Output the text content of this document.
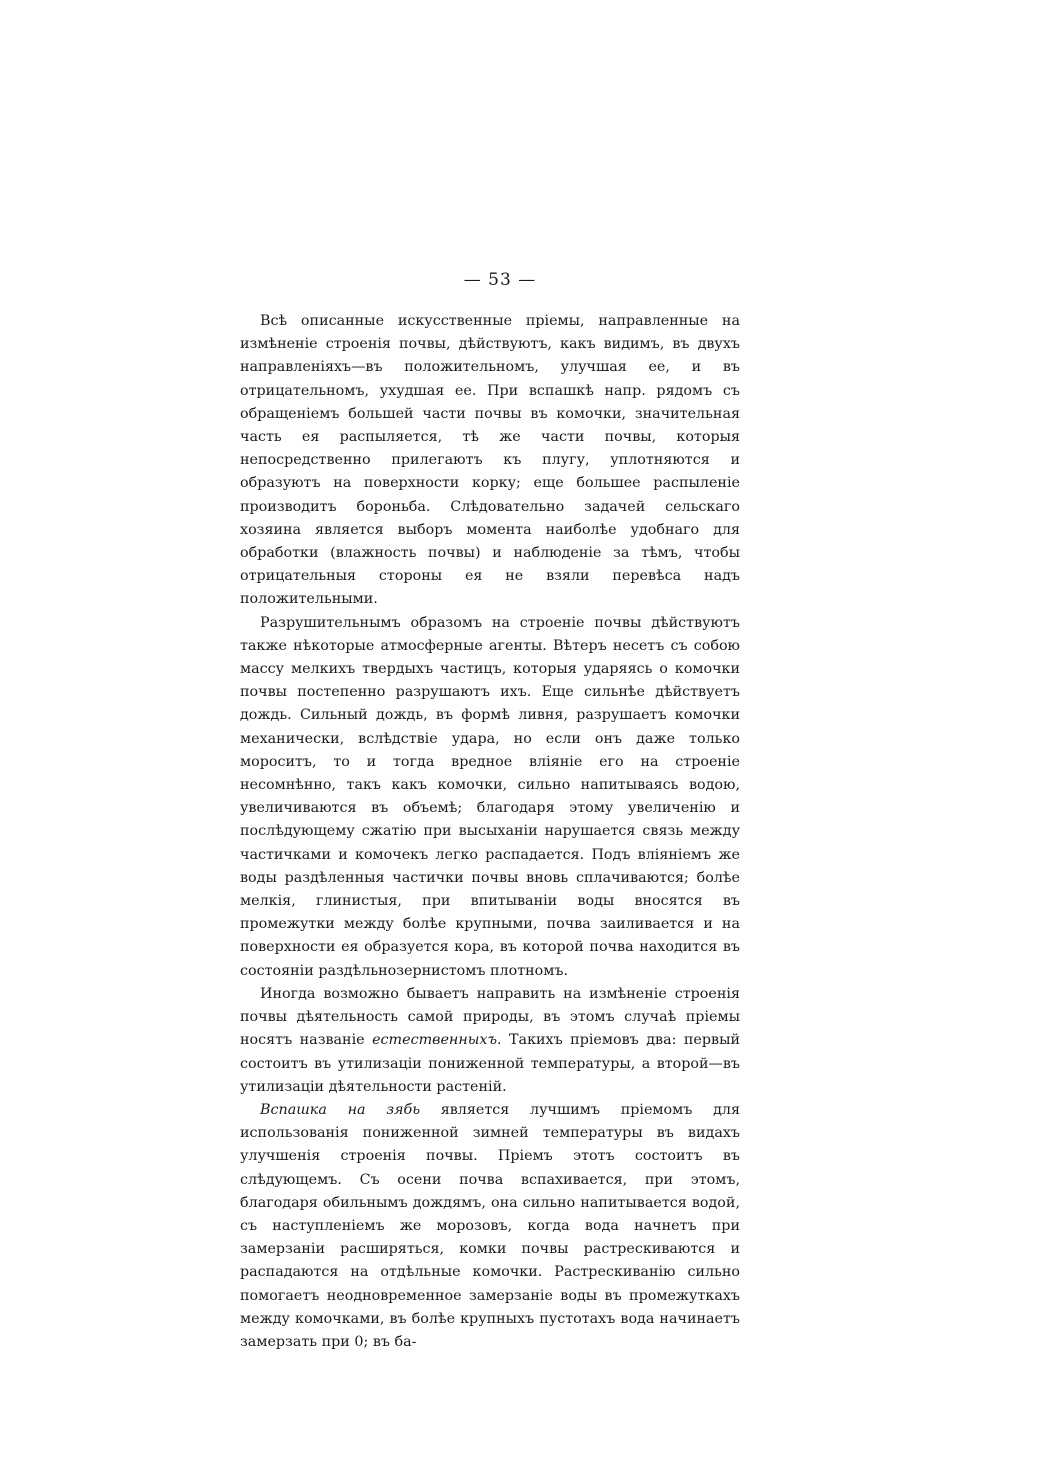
— 53 —

Всѣ описанные искусственные пріемы, направленные на измѣненіе строенія почвы, дѣйствуютъ, какъ видимъ, въ двухъ направленіяхъ—въ положительномъ, улучшая ее, и въ отрицательномъ, ухудшая ее. При вспашкѣ напр. рядомъ съ обращеніемъ большей части почвы въ комочки, значительная часть ея распыляется, тѣ же части почвы, которыя непосредственно прилегаютъ къ плугу, уплотняются и образуютъ на поверхности корку; еще большее распыленіе производитъ бороньба. Слѣдовательно задачей сельскаго хозяина является выборъ момента наиболѣе удобнаго для обработки (влажность почвы) и наблюденіе за тѣмъ, чтобы отрицательныя стороны ея не взяли перевѣса надъ положительными.

Разрушительнымъ образомъ на строеніе почвы дѣйствуютъ также нѣкоторые атмосферные агенты. Вѣтеръ несетъ съ собою массу мелкихъ твердыхъ частицъ, которыя ударяясь о комочки почвы постепенно разрушаютъ ихъ. Еще сильнѣе дѣйствуетъ дождь. Сильный дождь, въ формѣ ливня, разрушаетъ комочки механически, вслѣдствіе удара, но если онъ даже только мороситъ, то и тогда вредное вліяніе его на строеніе несомнѣнно, такъ какъ комочки, сильно напитываясь водою, увеличиваются въ объемѣ; благодаря этому увеличенію и послѣдующему сжатію при высыханіи нарушается связь между частичками и комочекъ легко распадается. Подъ вліяніемъ же воды раздѣленныя частички почвы вновь сплачиваются; болѣе мелкія, глинистыя, при впитываніи воды вносятся въ промежутки между болѣе крупными, почва заиливается и на поверхности ея образуется кора, въ которой почва находится въ состояніи раздѣльнозернистомъ плотномъ.

Иногда возможно бываетъ направить на измѣненіе строенія почвы дѣятельность самой природы, въ этомъ случаѣ пріемы носятъ названіе естественныхъ. Такихъ пріемовъ два: первый состоитъ въ утилизаціи пониженной температуры, а второй—въ утилизаціи дѣятельности растеній.

Вспашка на зябь является лучшимъ пріемомъ для использованія пониженной зимней температуры въ видахъ улучшенія строенія почвы. Пріемъ этотъ состоитъ въ слѣдующемъ. Съ осени почва вспахивается, при этомъ, благодаря обильнымъ дождямъ, она сильно напитывается водой, съ наступленіемъ же морозовъ, когда вода начнетъ при замерзаніи расширяться, комки почвы растрескиваются и распадаются на отдѣльные комочки. Растрескиванію сильно помогаетъ неодновременное замерзаніе воды въ промежуткахъ между комочками, въ болѣе крупныхъ пустотахъ вода начинаетъ замерзать при 0; въ ба-
